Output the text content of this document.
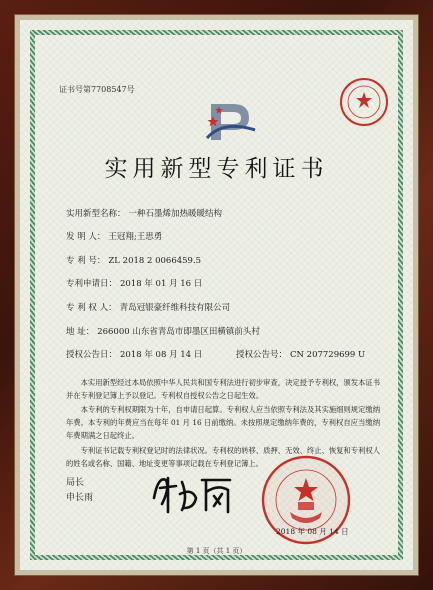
证书号第7708547号
实用新型专利证书
实用新型名称： 一种石墨烯加热暖暖结构
发 明 人： 王冠翔;王思勇
专 利 号： ZL 2018 2 0066459.5
专利申请日： 2018 年 01 月 16 日
专 利 权 人： 青岛冠银豪纤维科技有限公司
地 址： 266000 山东省青岛市即墨区田横镇前头村
授权公告日： 2018 年 08 月 14 日	授权公告号： CN 207729699 U
本实用新型经过本局依照中华人民共和国专利法进行初步审查，决定授予专利权，颁发本证书并在专利登记簿上予以登记。专利权自授权公告之日起生效。
本专利的专利权期限为十年，自申请日起算。专利权人应当依照专利法及其实施细则规定缴纳年费。本专利的年费应当在每年 01 月 16 日前缴纳。未按照规定缴纳年费的，专利权自应当缴纳年费期满之日起终止。
专利证书记载专利权登记时的法律状况。专利权的转移、质押、无效、终止、恢复和专利权人的姓名或名称、国籍、地址变更等事项记载在专利登记簿上。
局长
申长雨
2018 年 08 月 14 日
第 1 页（共 1 页）
